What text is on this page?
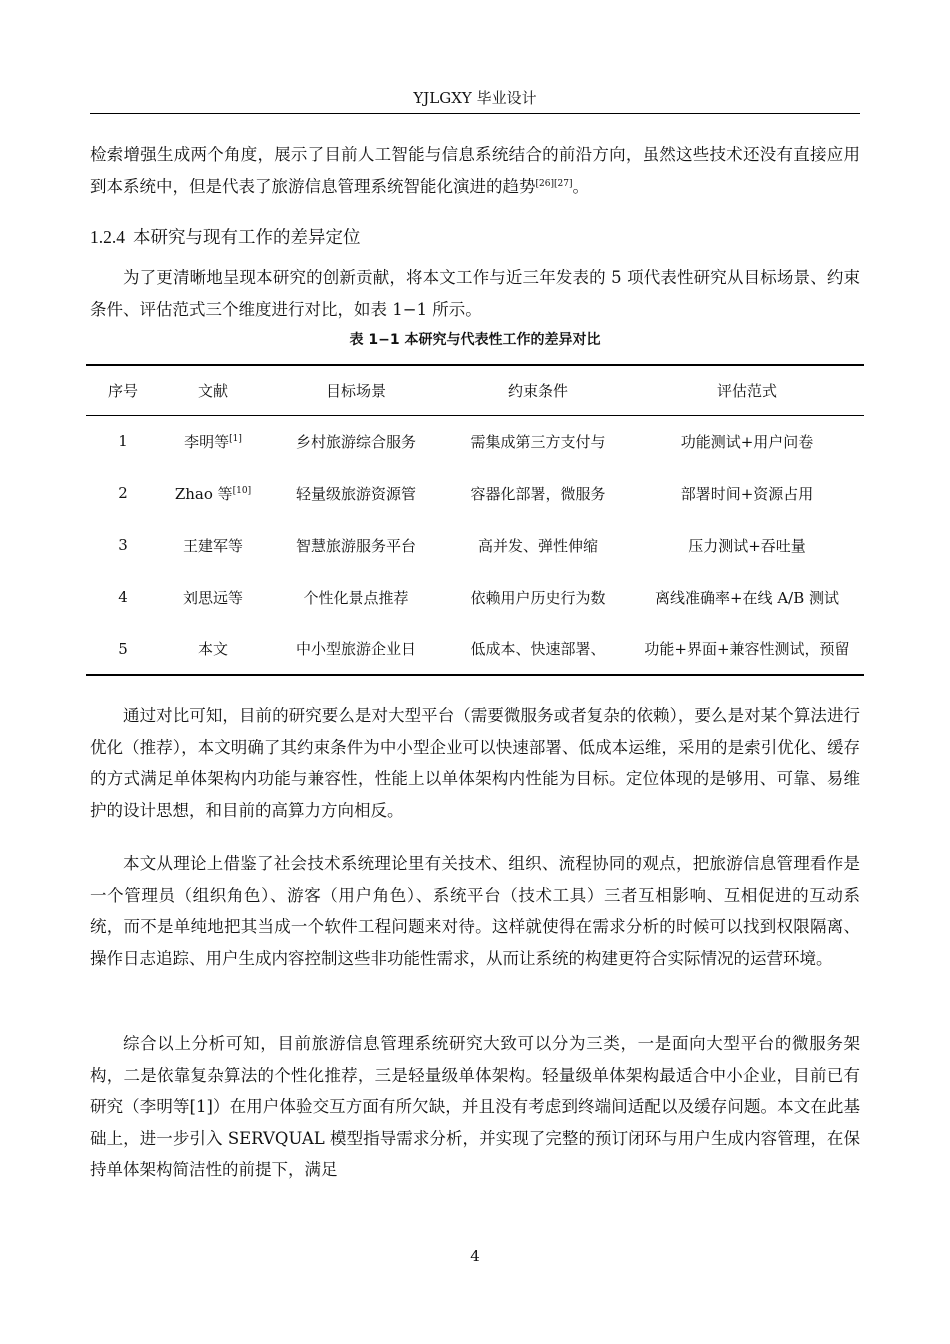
YJLGXY 毕业设计

检索增强生成两个角度，展示了目前人工智能与信息系统结合的前沿方向，虽然这些技术还没有直接应用到本系统中，但是代表了旅游信息管理系统智能化演进的趋势[26][27]。

1.2.4 本研究与现有工作的差异定位

为了更清晰地呈现本研究的创新贡献，将本文工作与近三年发表的 5 项代表性研究从目标场景、约束条件、评估范式三个维度进行对比，如表 1−1 所示。

表 1−1 本研究与代表性工作的差异对比
序号	文献	目标场景	约束条件	评估范式
1	李明等[1]	乡村旅游综合服务	需集成第三方支付与	功能测试+用户问卷
2	Zhao 等[10]	轻量级旅游资源管	容器化部署，微服务	部署时间+资源占用
3	王建军等	智慧旅游服务平台	高并发、弹性伸缩	压力测试+吞吐量
4	刘思远等	个性化景点推荐	依赖用户历史行为数	离线准确率+在线 A/B 测试
5	本文	中小型旅游企业日	低成本、快速部署、	功能+界面+兼容性测试，预留

通过对比可知，目前的研究要么是对大型平台（需要微服务或者复杂的依赖），要么是对某个算法进行优化（推荐），本文明确了其约束条件为中小型企业可以快速部署、低成本运维，采用的是索引优化、缓存的方式满足单体架构内功能与兼容性，性能上以单体架构内性能为目标。定位体现的是够用、可靠、易维护的设计思想，和目前的高算力方向相反。

本文从理论上借鉴了社会技术系统理论里有关技术、组织、流程协同的观点，把旅游信息管理看作是一个管理员（组织角色）、游客（用户角色）、系统平台（技术工具）三者互相影响、互相促进的互动系统，而不是单纯地把其当成一个软件工程问题来对待。这样就使得在需求分析的时候可以找到权限隔离、操作日志追踪、用户生成内容控制这些非功能性需求，从而让系统的构建更符合实际情况的运营环境。

综合以上分析可知，目前旅游信息管理系统研究大致可以分为三类，一是面向大型平台的微服务架构，二是依靠复杂算法的个性化推荐，三是轻量级单体架构。轻量级单体架构最适合中小企业，目前已有研究（李明等[1]）在用户体验交互方面有所欠缺，并且没有考虑到终端间适配以及缓存问题。本文在此基础上，进一步引入 SERVQUAL 模型指导需求分析，并实现了完整的预订闭环与用户生成内容管理，在保持单体架构简洁性的前提下，满足

4
